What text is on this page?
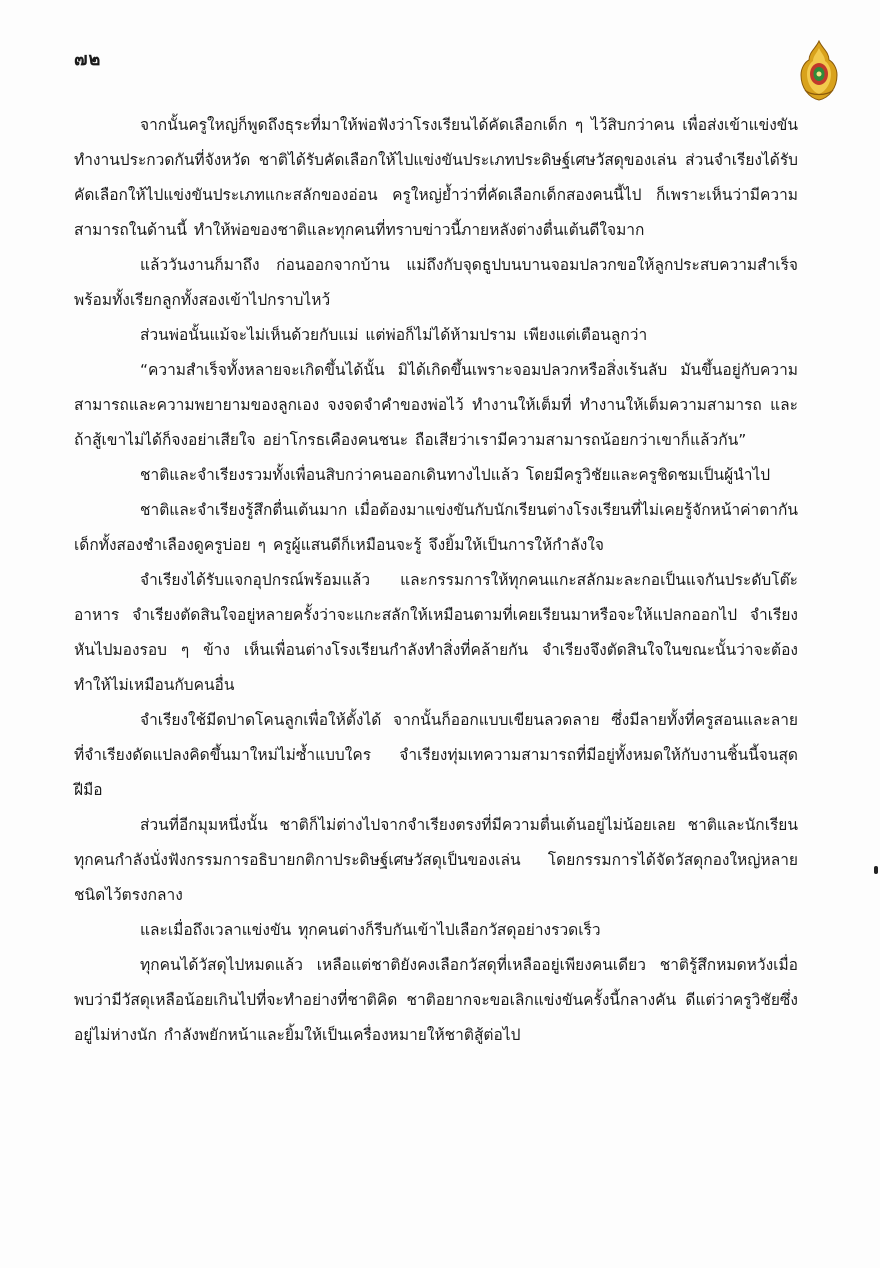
๗๒

จากนั้นครูใหญ่ก็พูดถึงธุระที่มาให้พ่อฟังว่าโรงเรียนได้คัดเลือกเด็ก ๆ ไว้สิบกว่าคน เพื่อส่งเข้าแข่งขันทำงานประกวดกันที่จังหวัด ชาติได้รับคัดเลือกให้ไปแข่งขันประเภทประดิษฐ์เศษวัสดุของเล่น ส่วนจำเรียงได้รับคัดเลือกให้ไปแข่งขันประเภทแกะสลักของอ่อน ครูใหญ่ย้ำว่าที่คัดเลือกเด็กสองคนนี้ไป ก็เพราะเห็นว่ามีความสามารถในด้านนี้ ทำให้พ่อของชาติและทุกคนที่ทราบข่าวนี้ภายหลังต่างตื่นเต้นดีใจมาก

แล้ววันงานก็มาถึง ก่อนออกจากบ้าน แม่ถึงกับจุดธูปบนบานจอมปลวกขอให้ลูกประสบความสำเร็จ พร้อมทั้งเรียกลูกทั้งสองเข้าไปกราบไหว้

ส่วนพ่อนั้นแม้จะไม่เห็นด้วยกับแม่ แต่พ่อก็ไม่ได้ห้ามปราม เพียงแต่เตือนลูกว่า

“ความสำเร็จทั้งหลายจะเกิดขึ้นได้นั้น มิได้เกิดขึ้นเพราะจอมปลวกหรือสิ่งเร้นลับ มันขึ้นอยู่กับความสามารถและความพยายามของลูกเอง จงจดจำคำของพ่อไว้ ทำงานให้เต็มที่ ทำงานให้เต็มความสามารถ และถ้าสู้เขาไม่ได้ก็จงอย่าเสียใจ อย่าโกรธเคืองคนชนะ ถือเสียว่าเรามีความสามารถน้อยกว่าเขาก็แล้วกัน”

ชาติและจำเรียงรวมทั้งเพื่อนสิบกว่าคนออกเดินทางไปแล้ว โดยมีครูวิชัยและครูชิดชมเป็นผู้นำไป

ชาติและจำเรียงรู้สึกตื่นเต้นมาก เมื่อต้องมาแข่งขันกับนักเรียนต่างโรงเรียนที่ไม่เคยรู้จักหน้าค่าตากัน เด็กทั้งสองชำเลืองดูครูบ่อย ๆ ครูผู้แสนดีก็เหมือนจะรู้ จึงยิ้มให้เป็นการให้กำลังใจ

จำเรียงได้รับแจกอุปกรณ์พร้อมแล้ว และกรรมการให้ทุกคนแกะสลักมะละกอเป็นแจกันประดับโต๊ะอาหาร จำเรียงตัดสินใจอยู่หลายครั้งว่าจะแกะสลักให้เหมือนตามที่เคยเรียนมาหรือจะให้แปลกออกไป จำเรียงหันไปมองรอบ ๆ ข้าง เห็นเพื่อนต่างโรงเรียนกำลังทำสิ่งที่คล้ายกัน จำเรียงจึงตัดสินใจในขณะนั้นว่าจะต้องทำให้ไม่เหมือนกับคนอื่น

จำเรียงใช้มีดปาดโคนลูกเพื่อให้ตั้งได้ จากนั้นก็ออกแบบเขียนลวดลาย ซึ่งมีลายทั้งที่ครูสอนและลายที่จำเรียงดัดแปลงคิดขึ้นมาใหม่ไม่ซ้ำแบบใคร จำเรียงทุ่มเทความสามารถที่มีอยู่ทั้งหมดให้กับงานชิ้นนี้จนสุดฝีมือ

ส่วนที่อีกมุมหนึ่งนั้น ชาติก็ไม่ต่างไปจากจำเรียงตรงที่มีความตื่นเต้นอยู่ไม่น้อยเลย ชาติและนักเรียนทุกคนกำลังนั่งฟังกรรมการอธิบายกติกาประดิษฐ์เศษวัสดุเป็นของเล่น โดยกรรมการได้จัดวัสดุกองใหญ่หลายชนิดไว้ตรงกลาง

และเมื่อถึงเวลาแข่งขัน ทุกคนต่างก็รีบกันเข้าไปเลือกวัสดุอย่างรวดเร็ว

ทุกคนได้วัสดุไปหมดแล้ว เหลือแต่ชาติยังคงเลือกวัสดุที่เหลืออยู่เพียงคนเดียว ชาติรู้สึกหมดหวังเมื่อพบว่ามีวัสดุเหลือน้อยเกินไปที่จะทำอย่างที่ชาติคิด ชาติอยากจะขอเลิกแข่งขันครั้งนี้กลางคัน ดีแต่ว่าครูวิชัยซึ่งอยู่ไม่ห่างนัก กำลังพยักหน้าและยิ้มให้เป็นเครื่องหมายให้ชาติสู้ต่อไป
